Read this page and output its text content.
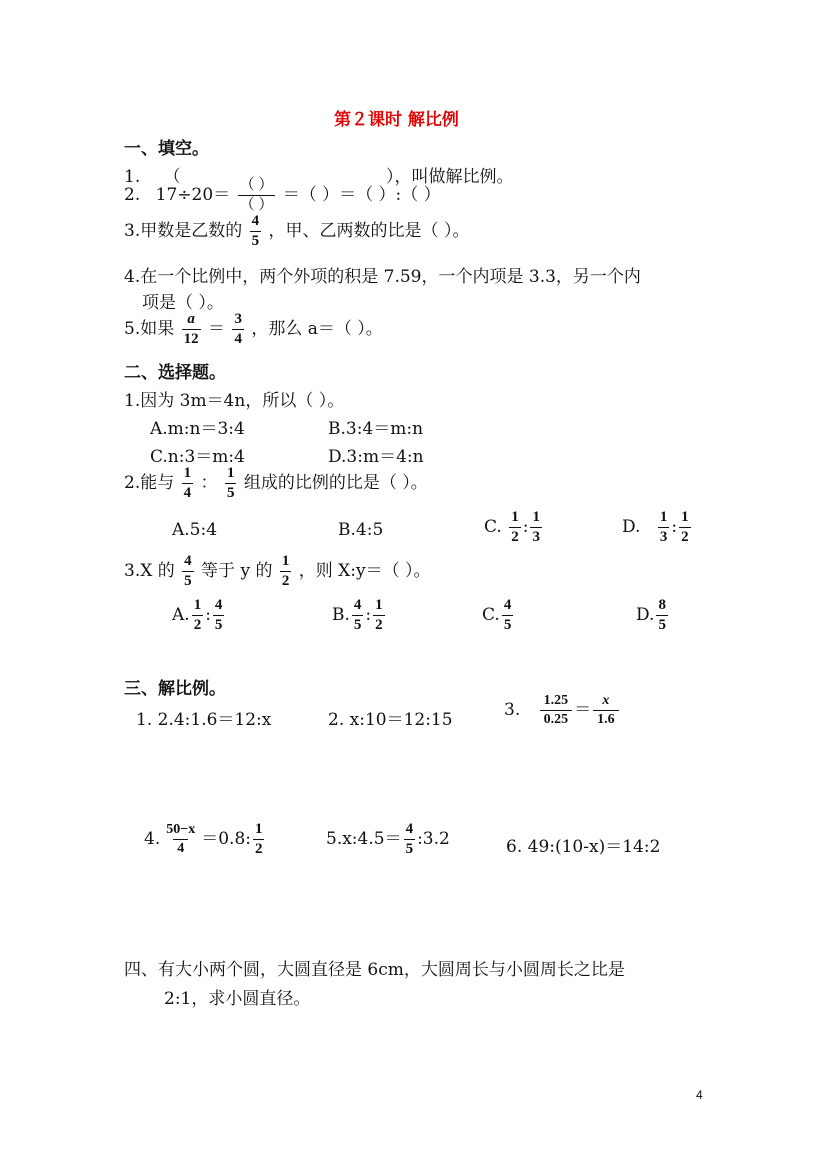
第２课时 解比例
一、填空。
1. （	），叫做解比例。
2. $17\div 20= \frac{( )}{( )}$ ＝（ ）＝（ ）:（ ）
3.甲数是乙数的 $\frac{4}{5}$ ，甲、乙两数的比是（ ）。
4.在一个比例中，两个外项的积是 7.59，一个内项是 3.3，另一个内
项是（ ）。
5.如果 $\frac{a}{12} = \frac{3}{4}$ ，那么 a＝（ ）。
二、选择题。
1.因为 3m＝4n，所以（ ）。
A.m:n＝3:4	B.3:4＝m:n
C.n:3＝m:4	D.3:m＝4:n
2.能与 $\frac{1}{4}$ ： $\frac{1}{5}$ 组成的比例的比是（ ）。
A.5:4	B.4:5	C. $\frac{1}{2}$ : $\frac{1}{3}$	D. $\frac{1}{3}$ : $\frac{1}{2}$
3.X 的 $\frac{4}{5}$ 等于 y 的 $\frac{1}{2}$ ，则 X:y＝（ ）。
A. $\frac{1}{2}$ : $\frac{4}{5}$	B. $\frac{4}{5}$ : $\frac{1}{2}$	C. $\frac{4}{5}$	D. $\frac{8}{5}$
三、解比例。
1. 2.4:1.6＝12:x	2. x:10＝12:15	3. $\frac{1.25}{0.25} = \frac{x}{1.6}$
4. $\frac{50-x}{4} =0.8$: $\frac{1}{2}$	5.x:4.5＝ $\frac{4}{5}$ :3.2	6. 49:(10-x)＝14:2
四、有大小两个圆，大圆直径是 6cm，大圆周长与小圆周长之比是
2:1，求小圆直径。
4
